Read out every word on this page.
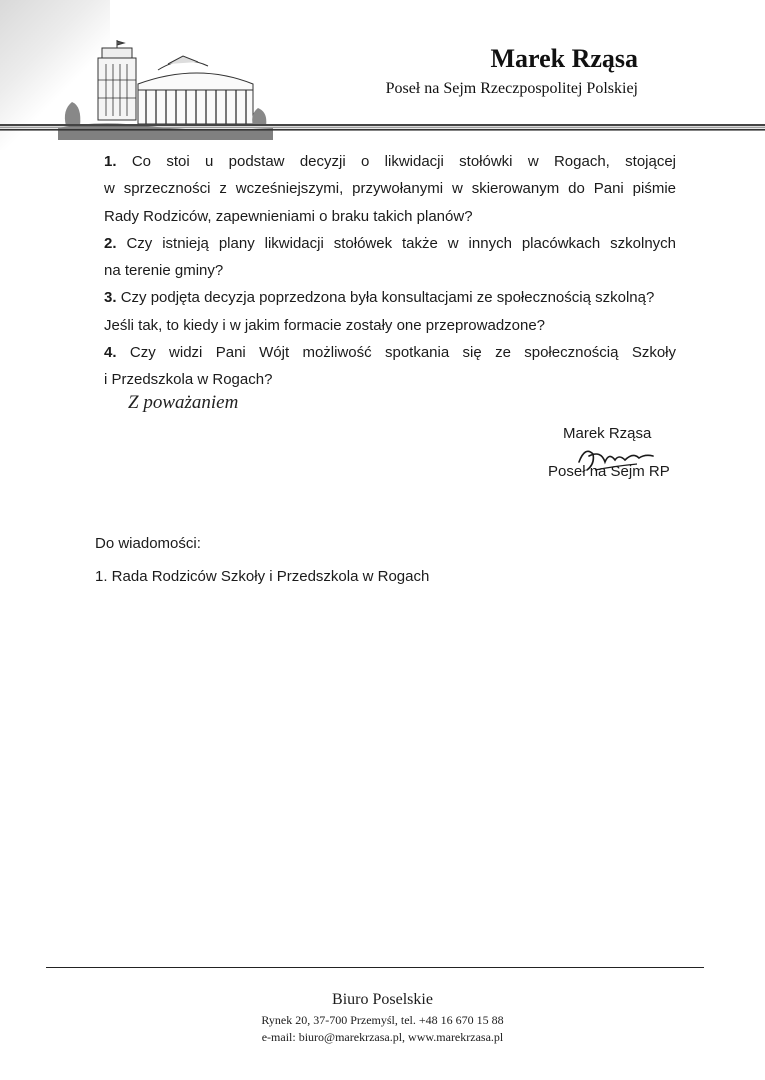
Marek Rząsa
Poseł na Sejm Rzeczpospolitej Polskiej
1. Co stoi u podstaw decyzji o likwidacji stołówki w Rogach, stojącej
w sprzeczności z wcześniejszymi, przywołanymi w skierowanym do Pani piśmie
Rady Rodziców, zapewnieniami o braku takich planów?
2. Czy istnieją plany likwidacji stołówek także w innych placówkach szkolnych
na terenie gminy?
3. Czy podjęta decyzja poprzedzona była konsultacjami ze społecznością szkolną?
Jeśli tak, to kiedy i w jakim formacie zostały one przeprowadzone?
4. Czy widzi Pani Wójt możliwość spotkania się ze społecznością Szkoły
i Przedszkola w Rogach?
Z poważaniem
Marek Rząsa
Poseł na Sejm RP
Do wiadomości:
1. Rada Rodziców Szkoły i Przedszkola w Rogach
Biuro Poselskie
Rynek 20, 37-700 Przemyśl, tel. +48 16 670 15 88
e-mail: biuro@marekrzasa.pl, www.marekrzasa.pl
